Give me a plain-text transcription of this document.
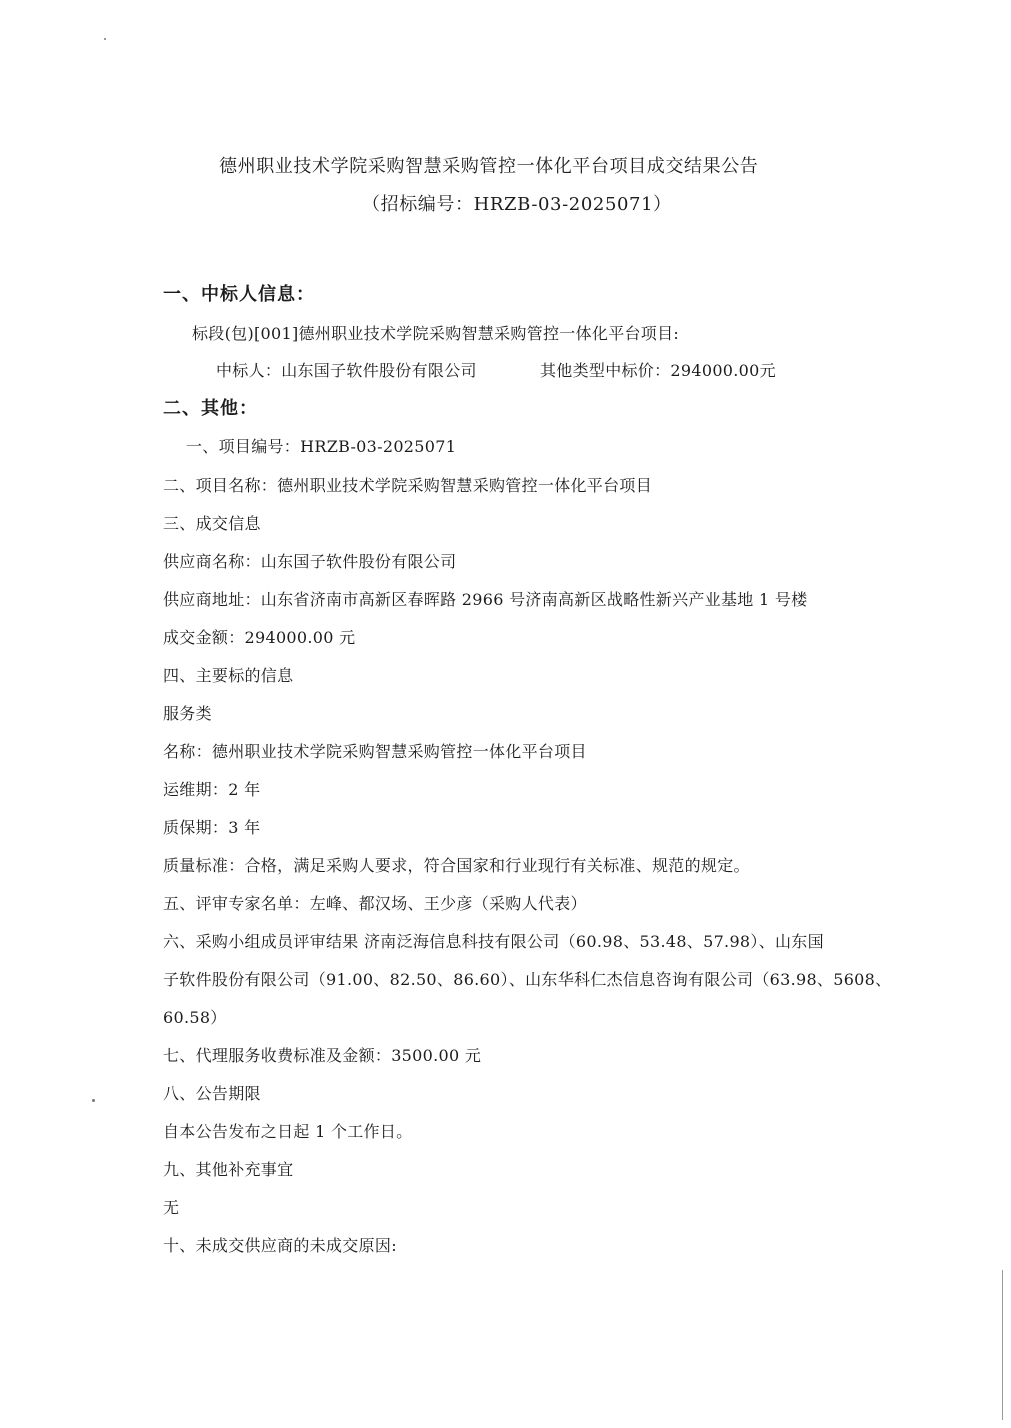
德州职业技术学院采购智慧采购管控一体化平台项目成交结果公告
（招标编号：HRZB-03-2025071）
一、中标人信息：
标段(包)[001]德州职业技术学院采购智慧采购管控一体化平台项目:
中标人：山东国子软件股份有限公司	其他类型中标价：294000.00元
二、其他：
一、项目编号：HRZB-03-2025071
二、项目名称：德州职业技术学院采购智慧采购管控一体化平台项目
三、成交信息
供应商名称：山东国子软件股份有限公司
供应商地址：山东省济南市高新区春晖路 2966 号济南高新区战略性新兴产业基地 1 号楼
成交金额：294000.00 元
四、主要标的信息
服务类
名称：德州职业技术学院采购智慧采购管控一体化平台项目
运维期：2 年
质保期：3 年
质量标准：合格，满足采购人要求，符合国家和行业现行有关标准、规范的规定。
五、评审专家名单：左峰、都汉场、王少彦（采购人代表）
六、采购小组成员评审结果 济南泛海信息科技有限公司（60.98、53.48、57.98）、山东国
子软件股份有限公司（91.00、82.50、86.60）、山东华科仁杰信息咨询有限公司（63.98、5608、
60.58）
七、代理服务收费标准及金额：3500.00 元
八、公告期限
自本公告发布之日起 1 个工作日。
九、其他补充事宜
无
十、未成交供应商的未成交原因:
